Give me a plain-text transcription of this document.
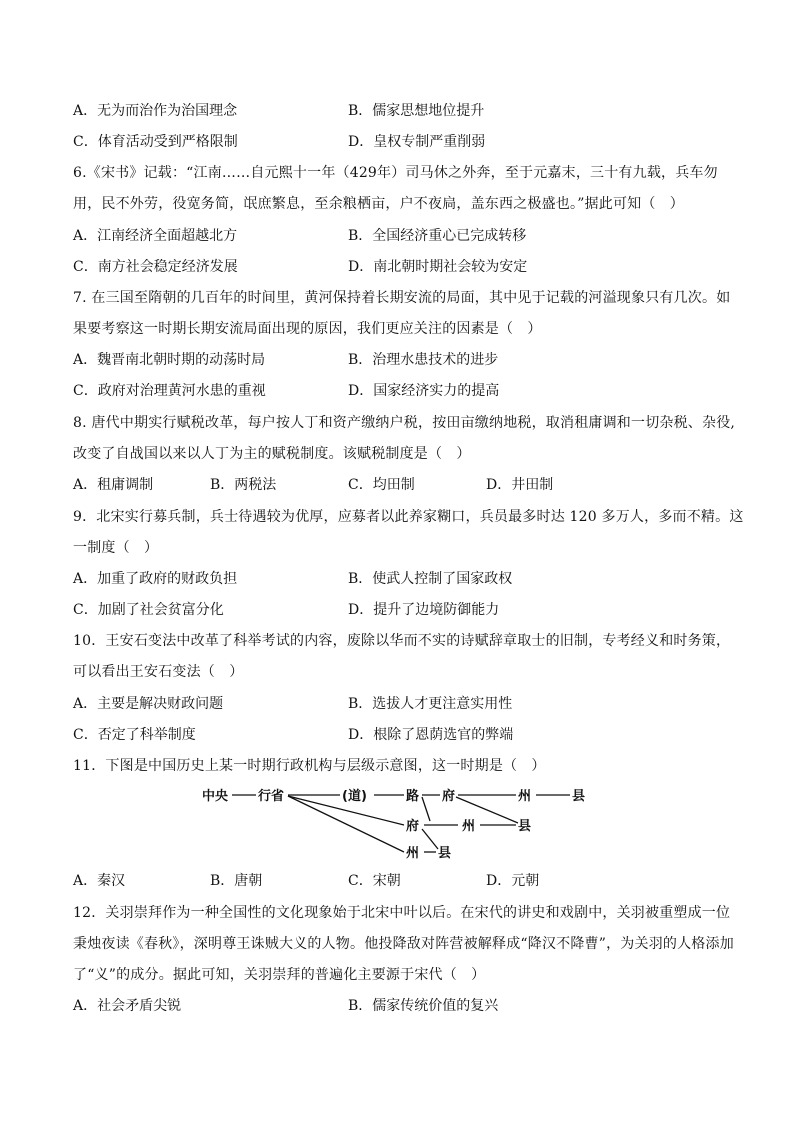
A．无为而治作为治国理念	B．儒家思想地位提升
C．体育活动受到严格限制	D．皇权专制严重削弱
6.《宋书》记载：“江南……自元熙十一年（429年）司马休之外奔，至于元嘉末，三十有九载，兵车勿
用，民不外劳，役宽务简，氓庶繁息，至余粮栖亩，户不夜扃，盖东西之极盛也。”据此可知（　）
A．江南经济全面超越北方	B．全国经济重心已完成转移
C．南方社会稳定经济发展	D．南北朝时期社会较为安定
7. 在三国至隋朝的几百年的时间里，黄河保持着长期安流的局面，其中见于记载的河溢现象只有几次。如
果要考察这一时期长期安流局面出现的原因，我们更应关注的因素是（　）
A．魏晋南北朝时期的动荡时局	B．治理水患技术的进步
C．政府对治理黄河水患的重视	D．国家经济实力的提高
8. 唐代中期实行赋税改革，每户按人丁和资产缴纳户税，按田亩缴纳地税，取消租庸调和一切杂税、杂役,
改变了自战国以来以人丁为主的赋税制度。该赋税制度是（　）
A．租庸调制	B．两税法	C．均田制	D．井田制
9．北宋实行募兵制，兵士待遇较为优厚，应募者以此养家糊口，兵员最多时达 120 多万人，多而不精。这
一制度（　）
A．加重了政府的财政负担	B．使武人控制了国家政权
C．加剧了社会贫富分化	D．提升了边境防御能力
10．王安石变法中改革了科举考试的内容，废除以华而不实的诗赋辞章取士的旧制，专考经义和时务策，
可以看出王安石变法（　）
A．主要是解决财政问题	B．选拔人才更注意实用性
C．否定了科举制度	D．根除了恩荫选官的弊端
11．下图是中国历史上某一时期行政机构与层级示意图，这一时期是（　）
中央 行省	(道)	路 府	州	县
府	州	县
州 县
A．秦汉	B．唐朝	C．宋朝	D．元朝
12．关羽崇拜作为一种全国性的文化现象始于北宋中叶以后。在宋代的讲史和戏剧中，关羽被重塑成一位
秉烛夜读《春秋》，深明尊王诛贼大义的人物。他投降敌对阵营被解释成“降汉不降曹”，为关羽的人格添加
了“义”的成分。据此可知，关羽崇拜的普遍化主要源于宋代（　）
A．社会矛盾尖锐	B．儒家传统价值的复兴
